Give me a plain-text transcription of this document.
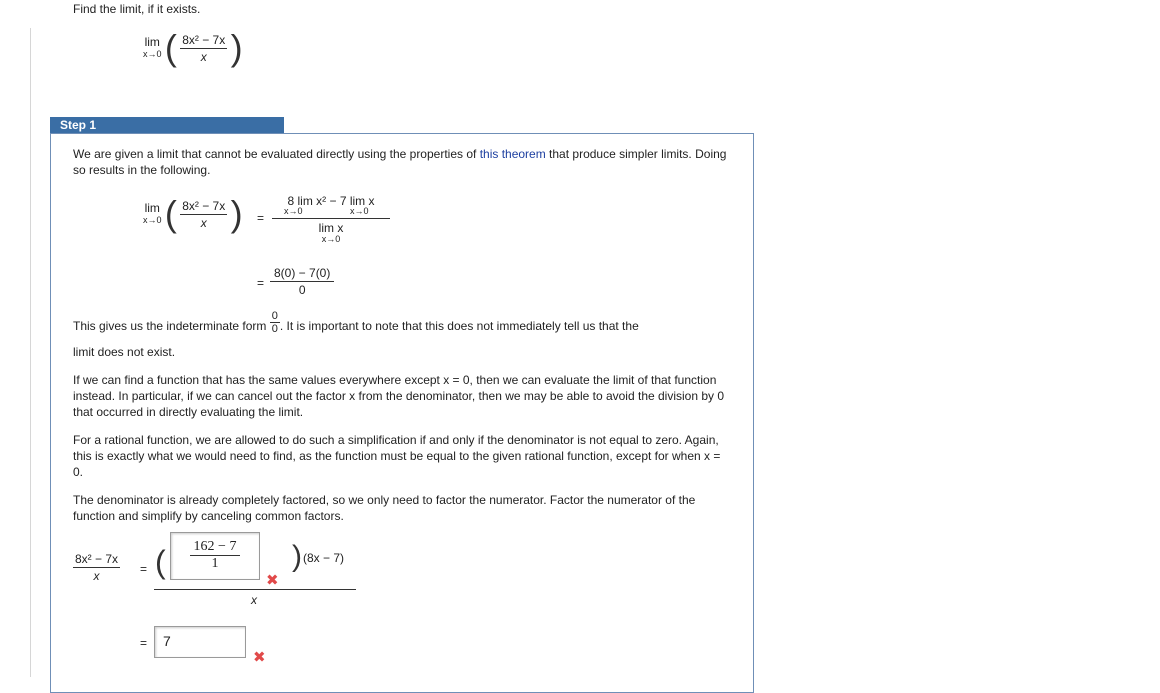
Find the limit, if it exists.
lim
x→0 ( $\frac{\text{8x² − 7x}}{x}$ )
Step 1
We are given a limit that cannot be evaluated directly using the properties of this theorem that produce simpler limits. Doing so results in the following.
lim
x→0 ( $\frac{\text{8x² − 7x}}{x}$ ) =
8 lim x² − 7 lim x
x→0	x→0
lim x
x→0
= $\frac{8(0) - 7(0)}{0}$
This gives us the indeterminate form $\frac{0}{0}$ . It is important to note that this does not immediately tell us that the
limit does not exist.
If we can find a function that has the same values everywhere except x = 0, then we can evaluate the limit of that function instead. In particular, if we can cancel out the factor x from the denominator, then we may be able to avoid the division by 0 that occurred in directly evaluating the limit.
For a rational function, we are allowed to do such a simplification if and only if the denominator is not equal to zero. Again, this is exactly what we would need to find, as the function must be equal to the given rational function, except for when x = 0.
The denominator is already completely factored, so we only need to factor the numerator. Factor the numerator of the function and simplify by canceling common factors.
$\frac{\text{8x² − 7x}}{x}$ = ( $\frac{162 - 7}{1}$
✖
) (8x − 7)
x
= 7
✖
